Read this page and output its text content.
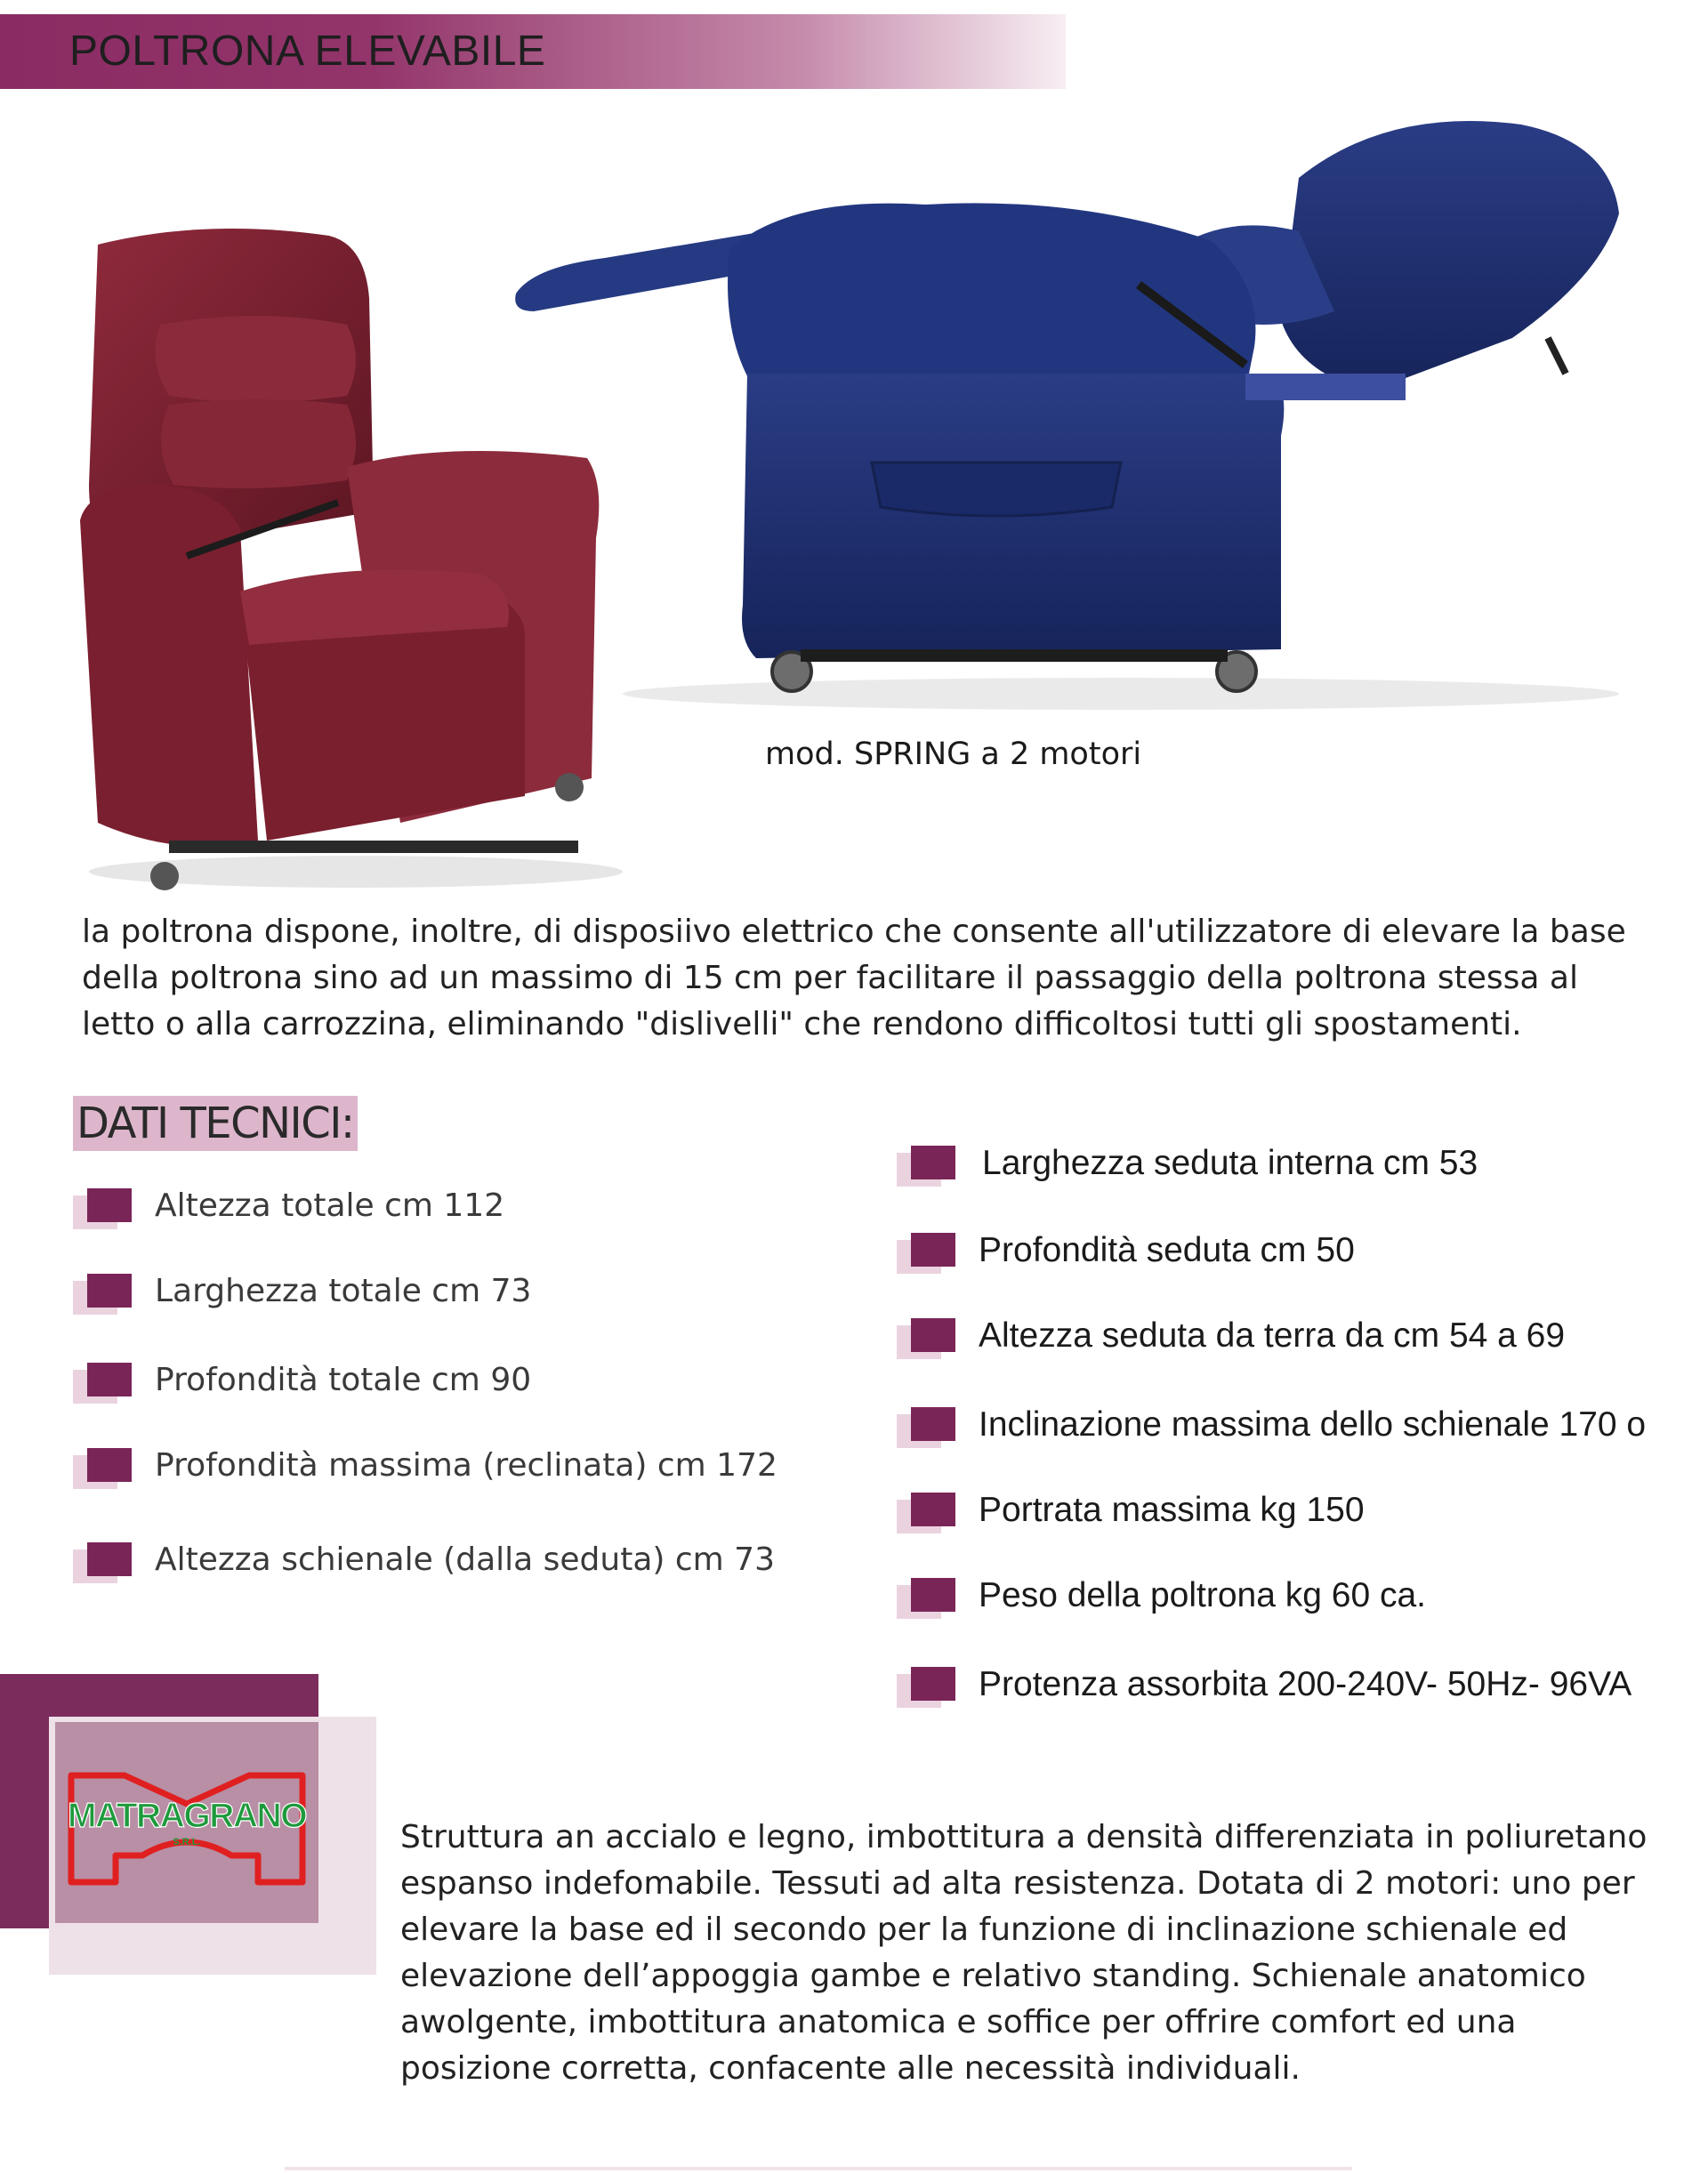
POLTRONA ELEVABILE
mod. SPRING a 2 motori

la poltrona dispone, inoltre, di disposiivo elettrico che consente all'utilizzatore di elevare la base della poltrona sino ad un massimo di 15 cm per facilitare il passaggio della poltrona stessa al letto o alla carrozzina, eliminando "dislivelli" che rendono difficoltosi tutti gli spostamenti.

DATI TECNICI:
Altezza totale cm 112
Larghezza totale cm 73
Profondità totale cm 90
Profondità massima (reclinata) cm 172
Altezza schienale (dalla seduta) cm 73
Larghezza seduta interna cm 53
Profondità seduta cm 50
Altezza seduta da terra da cm 54 a 69
Inclinazione massima dello schienale 170 o
Portrata massima kg 150
Peso della poltrona kg 60 ca.
Protenza assorbita 200-240V- 50Hz- 96VA
MATRAGRANO
S.R.L.	Struttura an accialo e legno, imbottitura a densità differenziata in poliuretano espanso indefomabile. Tessuti ad alta resistenza. Dotata di 2 motori: uno per elevare la base ed il secondo per la funzione di inclinazione schienale ed elevazione dell’appoggia gambe e relativo standing. Schienale anatomico awolgente, imbottitura anatomica e soffice per offrire comfort ed una posizione corretta, confacente alle necessità individuali.
